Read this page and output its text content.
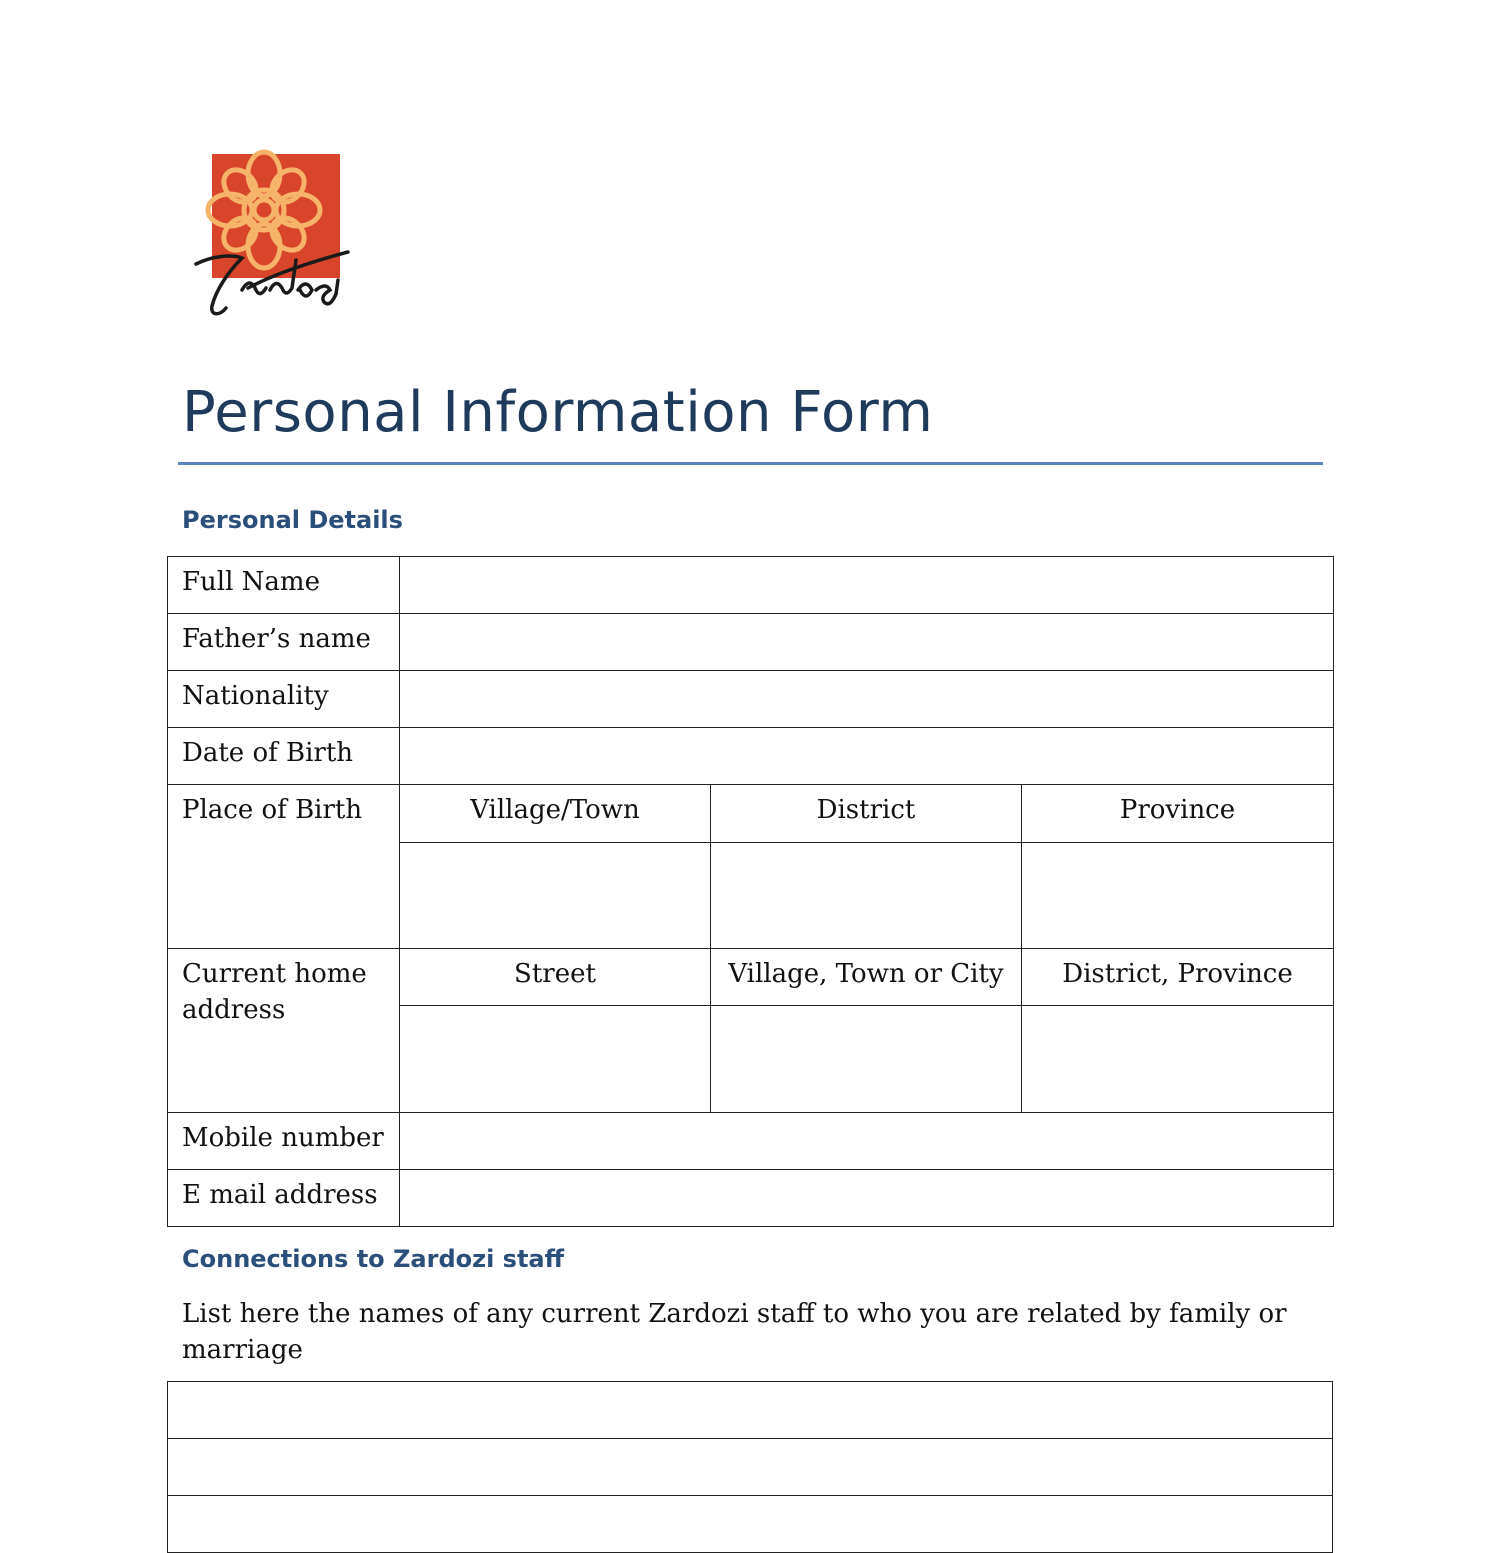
Personal Information Form
Personal Details
Full Name			
Father’s name			
Nationality			
Date of Birth			
Place of Birth	Village/Town	District	Province

Current home address	Street	Village, Town or City	District, Province

Mobile number			
E mail address			
Connections to Zardozi staff

List here the names of any current Zardozi staff to who you are related by family or marriage
